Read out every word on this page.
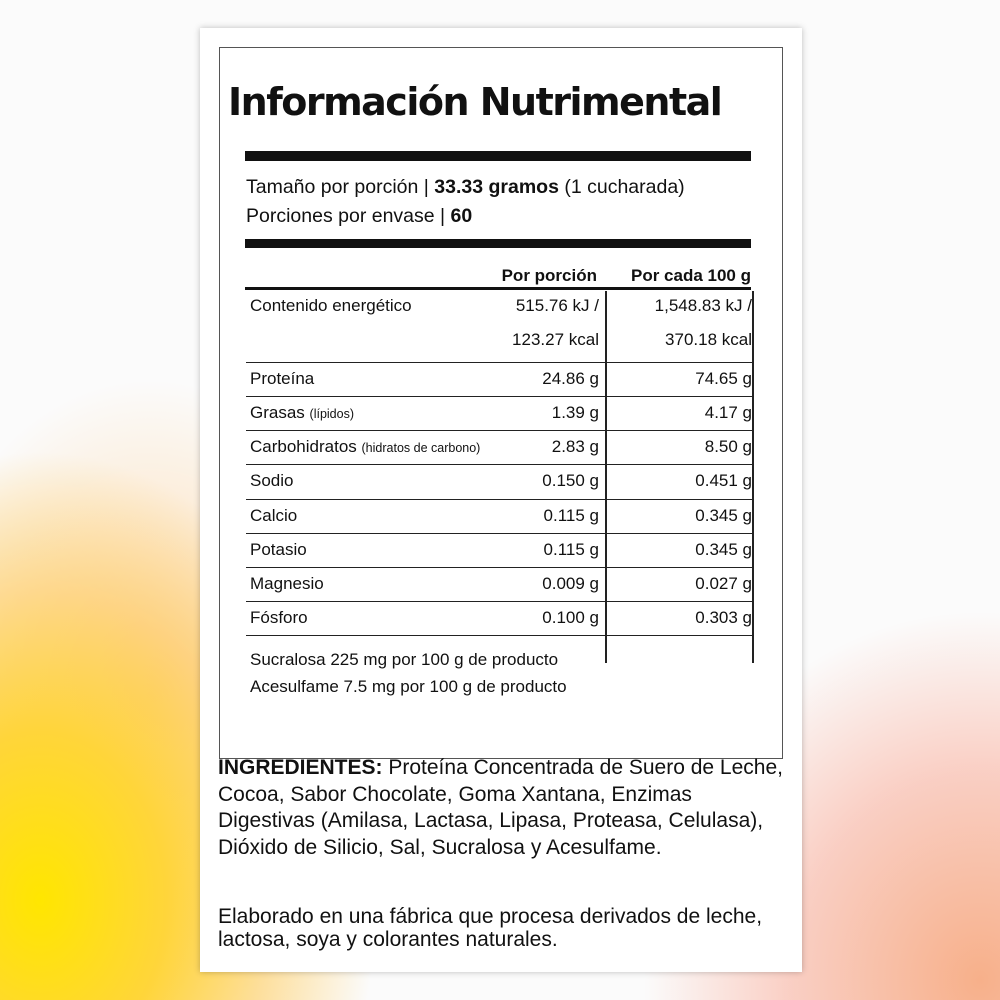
Información Nutrimental
Tamaño por porción | 33.33 gramos (1 cucharada)
Porciones por envase | 60
Por porción Por cada 100 g
Contenido energético	515.76 kJ /	1,548.83 kJ /
123.27 kcal	370.18 kcal
Proteína	24.86 g	74.65 g
Grasas (lípidos)	1.39 g	4.17 g
Carbohidratos (hidratos de carbono)	2.83 g	8.50 g
Sodio	0.150 g	0.451 g
Calcio	0.115 g	0.345 g
Potasio	0.115 g	0.345 g
Magnesio	0.009 g	0.027 g
Fósforo	0.100 g	0.303 g
Sucralosa 225 mg por 100 g de producto
Acesulfame 7.5 mg por 100 g de producto

INGREDIENTES: Proteína Concentrada de Suero de Leche, Cocoa, Sabor Chocolate, Goma Xantana, Enzimas Digestivas (Amilasa, Lactasa, Lipasa, Proteasa, Celulasa), Dióxido de Silicio, Sal, Sucralosa y Acesulfame.

Elaborado en una fábrica que procesa derivados de leche, lactosa, soya y colorantes naturales.
